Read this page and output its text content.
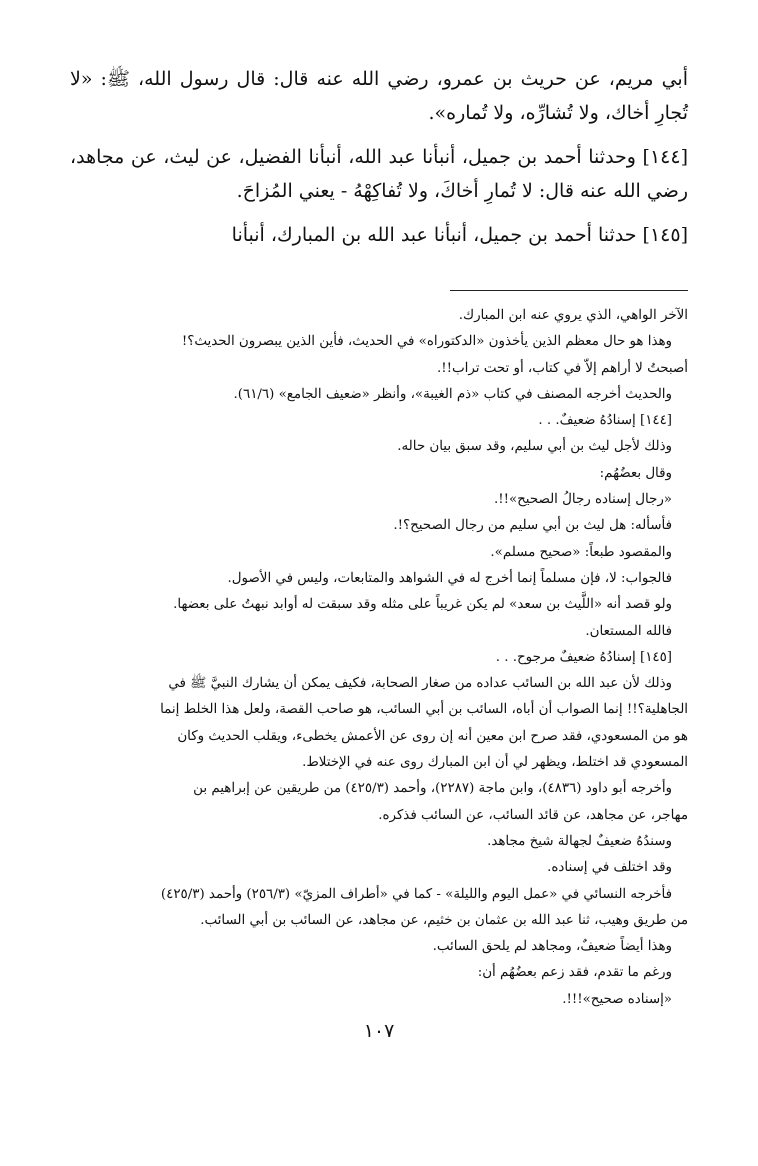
أبي مريم، عن حريث بن عمرو، رضي الله عنه قال: قال رسول الله، ﷺ: «لا تُجارِ أخاك، ولا تُشارِّه، ولا تُماره».

[١٤٤] وحدثنا أحمد بن جميل، أنبأنا عبد الله، أنبأنا الفضيل، عن ليث، عن مجاهد، رضي الله عنه قال: لا تُمارِ أخاكَ، ولا تُفاكِهْهُ - يعني المُزاحَ.

[١٤٥] حدثنا أحمد بن جميل، أنبأنا عبد الله بن المبارك، أنبأنا

الآخر الواهي، الذي يروي عنه ابن المبارك.

وهذا هو حال معظم الذين يأخذون «الدكتوراه» في الحديث، فأين الذين يبصرون الحديث؟!

أصبحتُ لا أراهم إلاّ في كتاب، أو تحت تراب!!.

والحديث أخرجه المصنف في كتاب «ذم الغيبة»، وأنظر «ضعيف الجامع» (٦١/٦).

[١٤٤] إسنادُهُ ضعيفٌ. . .

وذلك لأجل ليث بن أبي سليم، وقد سبق بيان حاله.

وقال بعضُهُم:

«رجال إسناده رجالُ الصحيح»!!.

فأسأله: هل ليث بن أبي سليم من رجال الصحيح؟!.

والمقصود طبعاً: «صحيح مسلم».

فالجواب: لا، فإن مسلماً إنما أخرج له في الشواهد والمتابعات، وليس في الأصول.

ولو قصد أنه «اللَّيث بن سعد» لم يكن غريباً على مثله وقد سبقت له أوابد نبهتُ على بعضها.

فالله المستعان.

[١٤٥] إسنادُهُ ضعيفٌ مرجوح. . .

وذلك لأن عبد الله بن السائب عداده من صغار الصحابة، فكيف يمكن أن يشارك النبيَّ ﷺ في

الجاهلية؟!! إنما الصواب أن أباه، السائب بن أبي السائب، هو صاحب القصة، ولعل هذا الخلط إنما

هو من المسعودي، فقد صرح ابن معين أنه إن روى عن الأعمش يخطىء، ويقلب الحديث وكان

المسعودي قد اختلط، ويظهر لي أن ابن المبارك روى عنه في الإختلاط.

وأخرجه أبو داود (٤٨٣٦)، وابن ماجة (٢٢٨٧)، وأحمد (٤٢٥/٣) من طريقين عن إبراهيم بن

مهاجر، عن مجاهد، عن قائد السائب، عن السائب فذكره.

وسندُهُ ضعيفٌ لجهالة شيخ مجاهد.

وقد اختلف في إسناده.

فأخرجه النسائي في «عمل اليوم والليلة» - كما في «أطراف المزيّ» (٢٥٦/٣) وأحمد (٤٢٥/٣)

من طريق وهيب، ثنا عبد الله بن عثمان بن خثيم، عن مجاهد، عن السائب بن أبي السائب.

وهذا أيضاً ضعيفٌ، ومجاهد لم يلحق السائب.

ورغم ما تقدم، فقد زعم بعضُهُم أن:

«إسناده صحيح»!!!.

١٠٧
